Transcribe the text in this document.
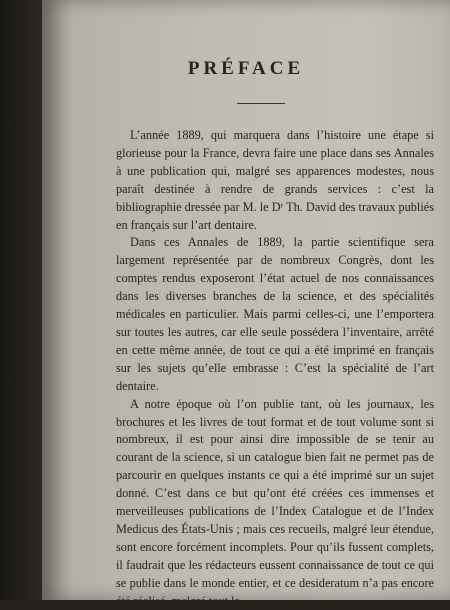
PRÉFACE

L’année 1889, qui marquera dans l’histoire une étape si glorieuse pour la France, devra faire une place dans ses Annales à une publication qui, malgré ses apparences modestes, nous paraît destinée à rendre de grands services : c’est la bibliographie dressée par M. le Dʳ Th. David des travaux publiés en français sur l’art dentaire.

Dans ces Annales de 1889, la partie scientifique sera largement représentée par de nombreux Congrès, dont les comptes rendus exposeront l’état actuel de nos connaissances dans les diverses branches de la science, et des spécialités médicales en particulier. Mais parmi celles-ci, une l’emportera sur toutes les autres, car elle seule possédera l’inventaire, arrêté en cette même année, de tout ce qui a été imprimé en français sur les sujets qu’elle embrasse : C’est la spécialité de l’art dentaire.

A notre époque où l’on publie tant, où les journaux, les brochures et les livres de tout format et de tout volume sont si nombreux, il est pour ainsi dire impossible de se tenir au courant de la science, si un catalogue bien fait ne permet pas de parcourir en quelques instants ce qui a été imprimé sur un sujet donné. C’est dans ce but qu’ont été créées ces immenses et merveilleuses publications de l’Index Catalogue et de l’Index Medicus des États-Unis ; mais ces recueils, malgré leur étendue, sont encore forcément incomplets. Pour qu’ils fussent complets, il faudrait que les rédacteurs eussent connaissance de tout ce qui se publie dans le monde entier, et ce desideratum n’a pas encore été réalisé, malgré tout le
